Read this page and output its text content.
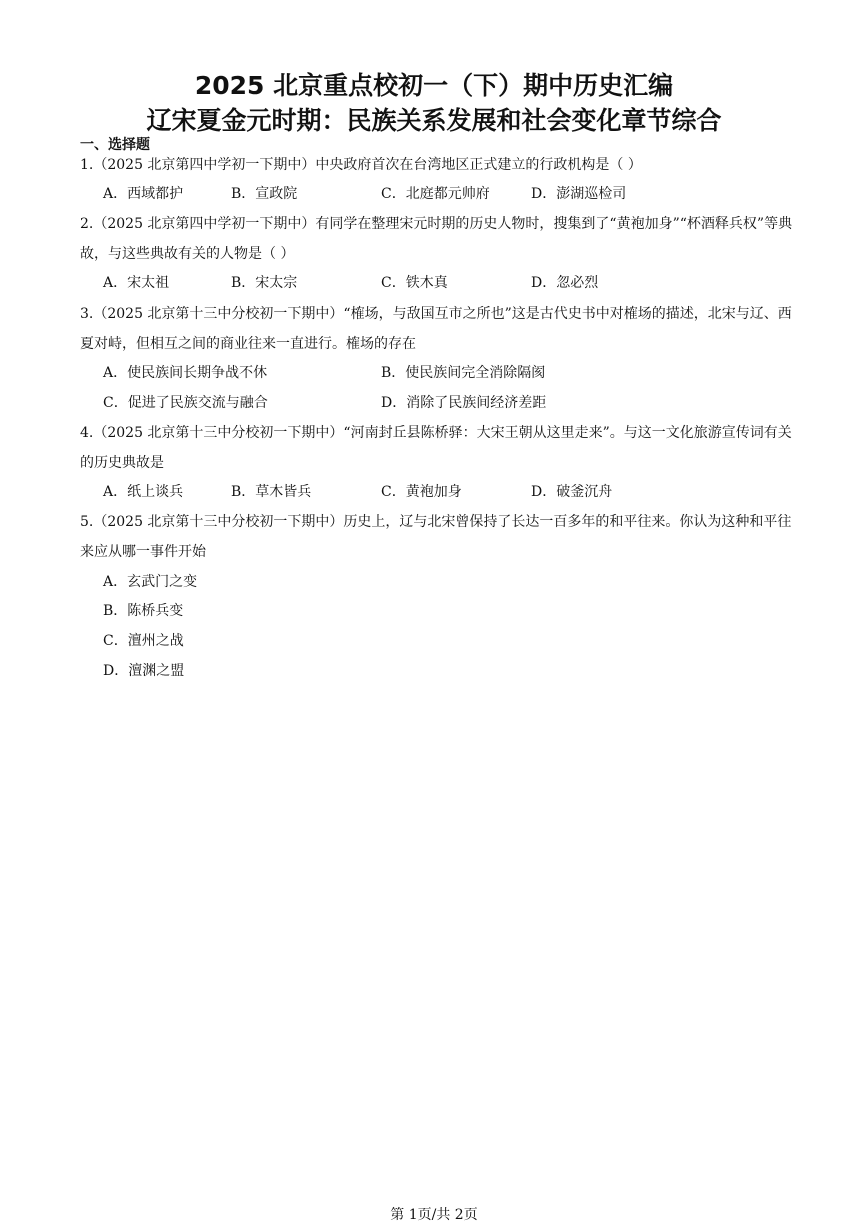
2025 北京重点校初一（下）期中历史汇编
辽宋夏金元时期：民族关系发展和社会变化章节综合
一、选择题
1.（2025 北京第四中学初一下期中）中央政府首次在台湾地区正式建立的行政机构是（ ）
A．西域都护	B．宣政院	C．北庭都元帅府	D．澎湖巡检司
2.（2025 北京第四中学初一下期中）有同学在整理宋元时期的历史人物时，搜集到了“黄袍加身”“杯酒释兵权”等典故，与这些典故有关的人物是（ ）
A．宋太祖	B．宋太宗	C．铁木真	D．忽必烈
3.（2025 北京第十三中分校初一下期中）“榷场，与敌国互市之所也”这是古代史书中对榷场的描述，北宋与辽、西夏对峙，但相互之间的商业往来一直进行。榷场的存在
A．使民族间长期争战不休	B．使民族间完全消除隔阂
C．促进了民族交流与融合	D．消除了民族间经济差距
4.（2025 北京第十三中分校初一下期中）“河南封丘县陈桥驿：大宋王朝从这里走来”。与这一文化旅游宣传词有关的历史典故是
A．纸上谈兵	B．草木皆兵	C．黄袍加身	D．破釜沉舟
5.（2025 北京第十三中分校初一下期中）历史上，辽与北宋曾保持了长达一百多年的和平往来。你认为这种和平往来应从哪一事件开始
A．玄武门之变
B．陈桥兵变
C．澶州之战
D．澶渊之盟
第 1页/共 2页
